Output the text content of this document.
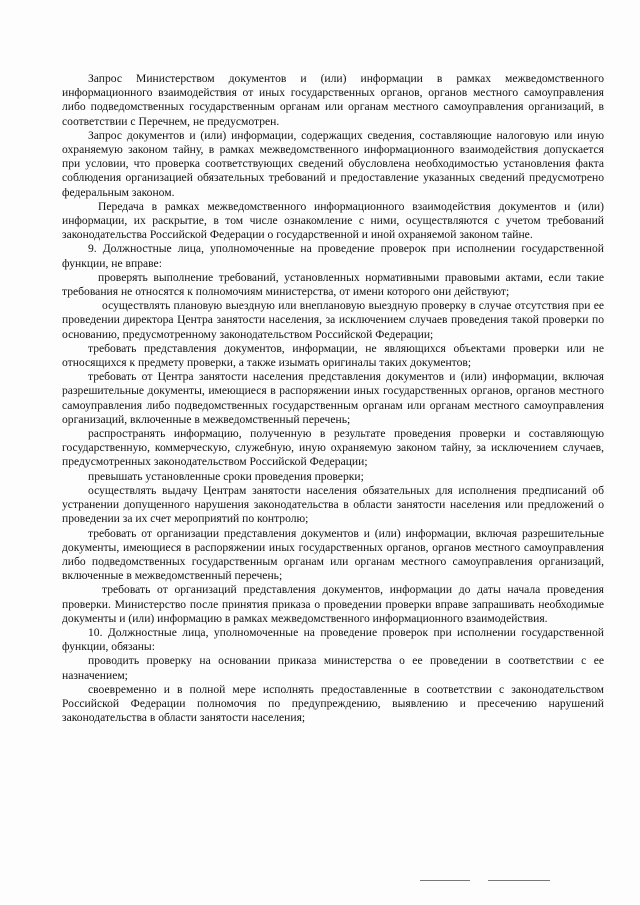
Запрос Министерством документов и (или) информации в рамках межведомственного информационного взаимодействия от иных государственных органов, органов местного самоуправления либо подведомственных государственным органам или органам местного самоуправления организаций, в соответствии с Перечнем, не предусмотрен.

Запрос документов и (или) информации, содержащих сведения, составляющие налоговую или иную охраняемую законом тайну, в рамках межведомственного информационного взаимодействия допускается при условии, что проверка соответствующих сведений обусловлена необходимостью установления факта соблюдения организацией обязательных требований и предоставление указанных сведений предусмотрено федеральным законом.

Передача в рамках межведомственного информационного взаимодействия документов и (или) информации, их раскрытие, в том числе ознакомление с ними, осуществляются с учетом требований законодательства Российской Федерации о государственной и иной охраняемой законом тайне.

9. Должностные лица, уполномоченные на проведение проверок при исполнении государственной функции, не вправе:

проверять выполнение требований, установленных нормативными правовыми актами, если такие требования не относятся к полномочиям министерства, от имени которого они действуют;

осуществлять плановую выездную или внеплановую выездную проверку в случае отсутствия при ее проведении директора Центра занятости населения, за исключением случаев проведения такой проверки по основанию, предусмотренному законодательством Российской Федерации;

требовать представления документов, информации, не являющихся объектами проверки или не относящихся к предмету проверки, а также изымать оригиналы таких документов;

требовать от Центра занятости населения представления документов и (или) информации, включая разрешительные документы, имеющиеся в распоряжении иных государственных органов, органов местного самоуправления либо подведомственных государственным органам или органам местного самоуправления организаций, включенные в межведомственный перечень;

распространять информацию, полученную в результате проведения проверки и составляющую государственную, коммерческую, служебную, иную охраняемую законом тайну, за исключением случаев, предусмотренных законодательством Российской Федерации;

превышать установленные сроки проведения проверки;

осуществлять выдачу Центрам занятости населения обязательных для исполнения предписаний об устранении допущенного нарушения законодательства в области занятости населения или предложений о проведении за их счет мероприятий по контролю;

требовать от организации представления документов и (или) информации, включая разрешительные документы, имеющиеся в распоряжении иных государственных органов, органов местного самоуправления либо подведомственных государственным органам или органам местного самоуправления организаций, включенные в межведомственный перечень;

требовать от организаций представления документов, информации до даты начала проведения проверки. Министерство после принятия приказа о проведении проверки вправе запрашивать необходимые документы и (или) информацию в рамках межведомственного информационного взаимодействия.

10. Должностные лица, уполномоченные на проведение проверок при исполнении государственной функции, обязаны:

проводить проверку на основании приказа министерства о ее проведении в соответствии с ее назначением;

своевременно и в полной мере исполнять предоставленные в соответствии с законодательством Российской Федерации полномочия по предупреждению, выявлению и пресечению нарушений законодательства в области занятости населения;
